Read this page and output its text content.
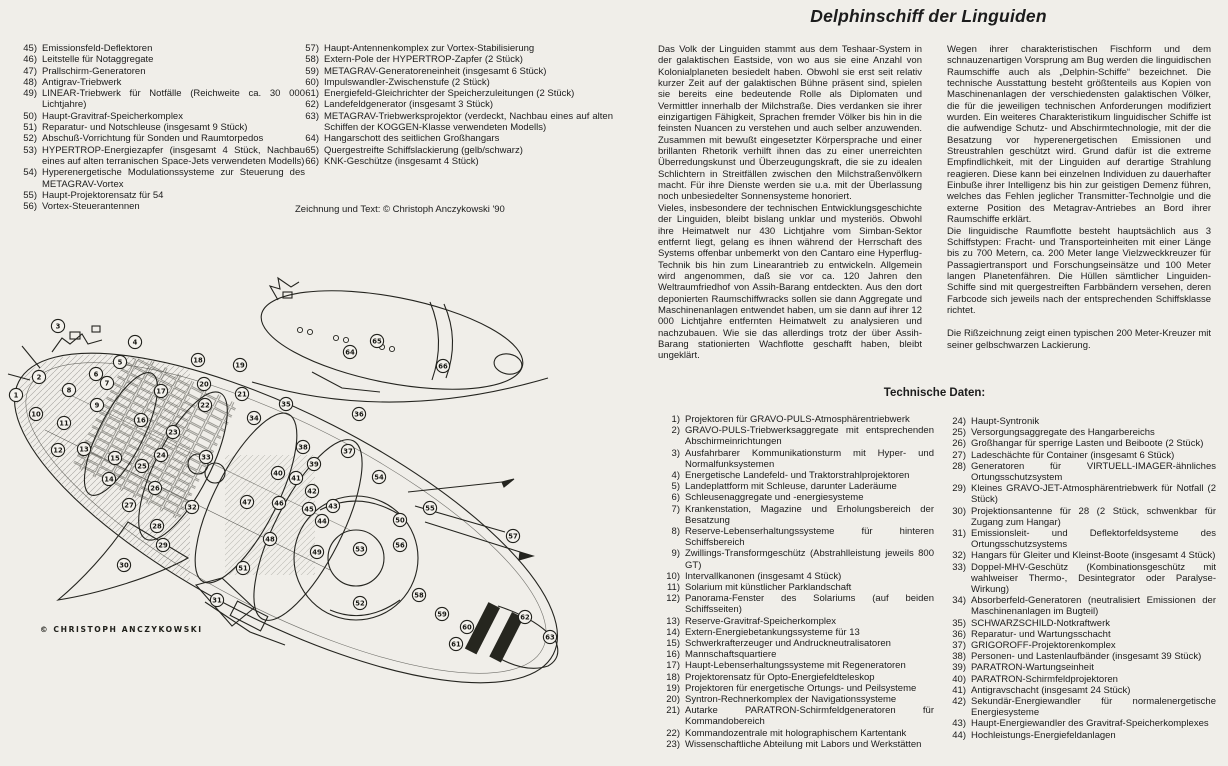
45) Emissionsfeld-Deflektoren
46) Leitstelle für Notaggregate
47) Prallschirm-Generatoren
48) Antigrav-Triebwerk
49) LINEAR-Triebwerk für Notfälle (Reichweite ca. 30 000 Lichtjahre)
50) Haupt-Gravitraf-Speicherkomplex
51) Reparatur- und Notschleuse (insgesamt 9 Stück)
52) Abschuß-Vorrichtung für Sonden und Raumtorpedos
53) HYPERTROP-Energiezapfer (insgesamt 4 Stück, Nachbau eines auf alten terranischen Space-Jets verwendeten Modells)
54) Hyperenergetische Modulationssysteme zur Steuerung des METAGRAV-Vortex
55) Haupt-Projektorensatz für 54
56) Vortex-Steuerantennen
57) Haupt-Antennenkomplex zur Vortex-Stabilisierung
58) Extern-Pole der HYPERTROP-Zapfer (2 Stück)
59) METAGRAV-Generatoreneinheit (insgesamt 6 Stück)
60) Impulswandler-Zwischenstufe (2 Stück)
61) Energiefeld-Gleichrichter der Speicherzuleitungen (2 Stück)
62) Landefeldgenerator (insgesamt 3 Stück)
63) METAGRAV-Triebwerksprojektor (verdeckt, Nachbau eines auf alten Schiffen der KOGGEN-Klasse verwendeten Modells)
64) Hangarschott des seitlichen Großhangars
65) Quergestreifte Schiffslackierung (gelb/schwarz)
66) KNK-Geschütze (insgesamt 4 Stück)
Zeichnung und Text: © Christoph Anczykowski '90
1
2
3
4
5
6
7
8
9
10
11
12 13
14
15
16
17
18
19
20
21
22
23
24
25
26
27
28
29
30
31
32
33
34
35
36
37
38
39
40
41
42
43
44
45
46
47
48
49
50
51
52
53
54
55
56
57
58
59
60
61
62
63
64
65
66
© CHRISTOPH ANCZYKOWSKI
Delphinschiff der Linguiden

Das Volk der Linguiden stammt aus dem Teshaar-System in der galaktischen Eastside, von wo aus sie eine Anzahl von Kolonialplaneten besiedelt haben. Obwohl sie erst seit relativ kurzer Zeit auf der galaktischen Bühne präsent sind, spielen sie bereits eine bedeutende Rolle als Diplomaten und Vermittler innerhalb der Milchstraße. Dies verdanken sie ihrer einzigartigen Fähigkeit, Sprachen fremder Völker bis hin in die feinsten Nuancen zu verstehen und auch selber anzuwenden. Zusammen mit bewußt eingesetzter Körpersprache und einer brillanten Rhetorik verhilft ihnen das zu einer unerreichten Überredungskunst und Überzeugungskraft, die sie zu idealen Schlichtern in Streitfällen zwischen den Milchstraßenvölkern macht. Für ihre Dienste werden sie u.a. mit der Überlassung noch unbesiedelter Sonnensysteme honoriert.

Vieles, insbesondere der technischen Entwicklungsgeschichte der Linguiden, bleibt bislang unklar und mysteriös. Obwohl ihre Heimatwelt nur 430 Lichtjahre vom Simban-Sektor entfernt liegt, gelang es ihnen während der Herrschaft des Systems offenbar unbemerkt von den Cantaro eine Hyperflug-Technik bis hin zum Linearantrieb zu entwickeln. Allgemein wird angenommen, daß sie vor ca. 120 Jahren den Weltraumfriedhof von Assih-Barang entdeckten. Aus den dort deponierten Raumschiffwracks sollen sie dann Aggregate und Maschinenanlagen entwendet haben, um sie dann auf ihrer 12 000 Lichtjahre entfernten Heimatwelt zu analysieren und nachzubauen. Wie sie das allerdings trotz der über Assih-Barang stationierten Wachflotte geschafft haben, bleibt ungeklärt.

Wegen ihrer charakteristischen Fischform und dem schnauzenartigen Vorsprung am Bug werden die linguidischen Raumschiffe auch als „Delphin-Schiffe“ bezeichnet. Die technische Ausstattung besteht größtenteils aus Kopien von Maschinenanlagen der verschiedensten galaktischen Völker, die für die jeweiligen technischen Anforderungen modifiziert wurden. Ein weiteres Charakteristikum linguidischer Schiffe ist die aufwendige Schutz- und Abschirmtechnologie, mit der die Besatzung vor hyperenergetischen Emissionen und Streustrahlen geschützt wird. Grund dafür ist die extreme Empfindlichkeit, mit der Linguiden auf derartige Strahlung reagieren. Diese kann bei einzelnen Individuen zu dauerhafter Einbuße ihrer Intelligenz bis hin zur geistigen Demenz führen, welches das Fehlen jeglicher Transmitter-Technolgie und die externe Position des Metagrav-Antriebes an Bord ihrer Raumschiffe erklärt.

Die linguidische Raumflotte besteht hauptsächlich aus 3 Schiffstypen: Fracht- und Transporteinheiten mit einer Länge bis zu 700 Metern, ca. 200 Meter lange Vielzweckkreuzer für Passagiertransport und Forschungseinsätze und 100 Meter langen Planetenfähren. Die Hüllen sämtlicher Linguiden-Schiffe sind mit quergestreiften Farbbändern versehen, deren Farbcode sich jeweils nach der entsprechenden Schiffsklasse richtet.

Die Rißzeichnung zeigt einen typischen 200 Meter-Kreuzer mit seiner gelbschwarzen Lackierung.

Technische Daten:
1) Projektoren für GRAVO-PULS-Atmosphärentriebwerk
2) GRAVO-PULS-Triebwerksaggregate mit entsprechenden Abschirmeinrichtungen
3) Ausfahrbarer Kommunikationsturm mit Hyper- und Normalfunksystemen
4) Energetische Landefeld- und Traktorstrahlprojektoren
5) Landeplattform mit Schleuse, darunter Laderäume
6) Schleusenaggregate und -energiesysteme
7) Krankenstation, Magazine und Erholungsbereich der Besatzung
8) Reserve-Lebenserhaltungssysteme für hinteren Schiffsbereich
9) Zwillings-Transformgeschütz (Abstrahlleistung jeweils 800 GT)
10) Intervallkanonen (insgesamt 4 Stück)
11) Solarium mit künstlicher Parklandschaft
12) Panorama-Fenster des Solariums (auf beiden Schiffsseiten)
13) Reserve-Gravitraf-Speicherkomplex
14) Extern-Energiebetankungssysteme für 13
15) Schwerkrafterzeuger und Andruckneutralisatoren
16) Mannschaftsquartiere
17) Haupt-Lebenserhaltungssysteme mit Regeneratoren
18) Projektorensatz für Opto-Energiefeldteleskop
19) Projektoren für energetische Ortungs- und Peilsysteme
20) Syntron-Rechnerkomplex der Navigationssysteme
21) Autarke PARATRON-Schirmfeldgeneratoren für Kommandobereich
22) Kommandozentrale mit holographischem Kartentank
23) Wissenschaftliche Abteilung mit Labors und Werkstätten
24) Haupt-Syntronik
25) Versorgungsaggregate des Hangarbereichs
26) Großhangar für sperrige Lasten und Beiboote (2 Stück)
27) Ladeschächte für Container (insgesamt 6 Stück)
28) Generatoren für VIRTUELL-IMAGER-ähnliches Ortungsschutzsystem
29) Kleines GRAVO-JET-Atmosphärentriebwerk für Notfall (2 Stück)
30) Projektionsantenne für 28 (2 Stück, schwenkbar für Zugang zum Hangar)
31) Emissionsleit- und Deflektorfeldsysteme des Ortungsschutzsystems
32) Hangars für Gleiter und Kleinst-Boote (insgesamt 4 Stück)
33) Doppel-MHV-Geschütz (Kombinationsgeschütz mit wahlweiser Thermo-, Desintegrator oder Paralyse-Wirkung)
34) Absorberfeld-Generatoren (neutralisiert Emissionen der Maschinenanlagen im Bugteil)
35) SCHWARZSCHILD-Notkraftwerk
36) Reparatur- und Wartungsschacht
37) GRIGOROFF-Projektorenkomplex
38) Personen- und Lastenlaufbänder (insgesamt 39 Stück)
39) PARATRON-Wartungseinheit
40) PARATRON-Schirmfeldprojektoren
41) Antigravschacht (insgesamt 24 Stück)
42) Sekundär-Energiewandler für normalenergetische Energiesysteme
43) Haupt-Energiewandler des Gravitraf-Speicherkomplexes
44) Hochleistungs-Energiefeldanlagen
